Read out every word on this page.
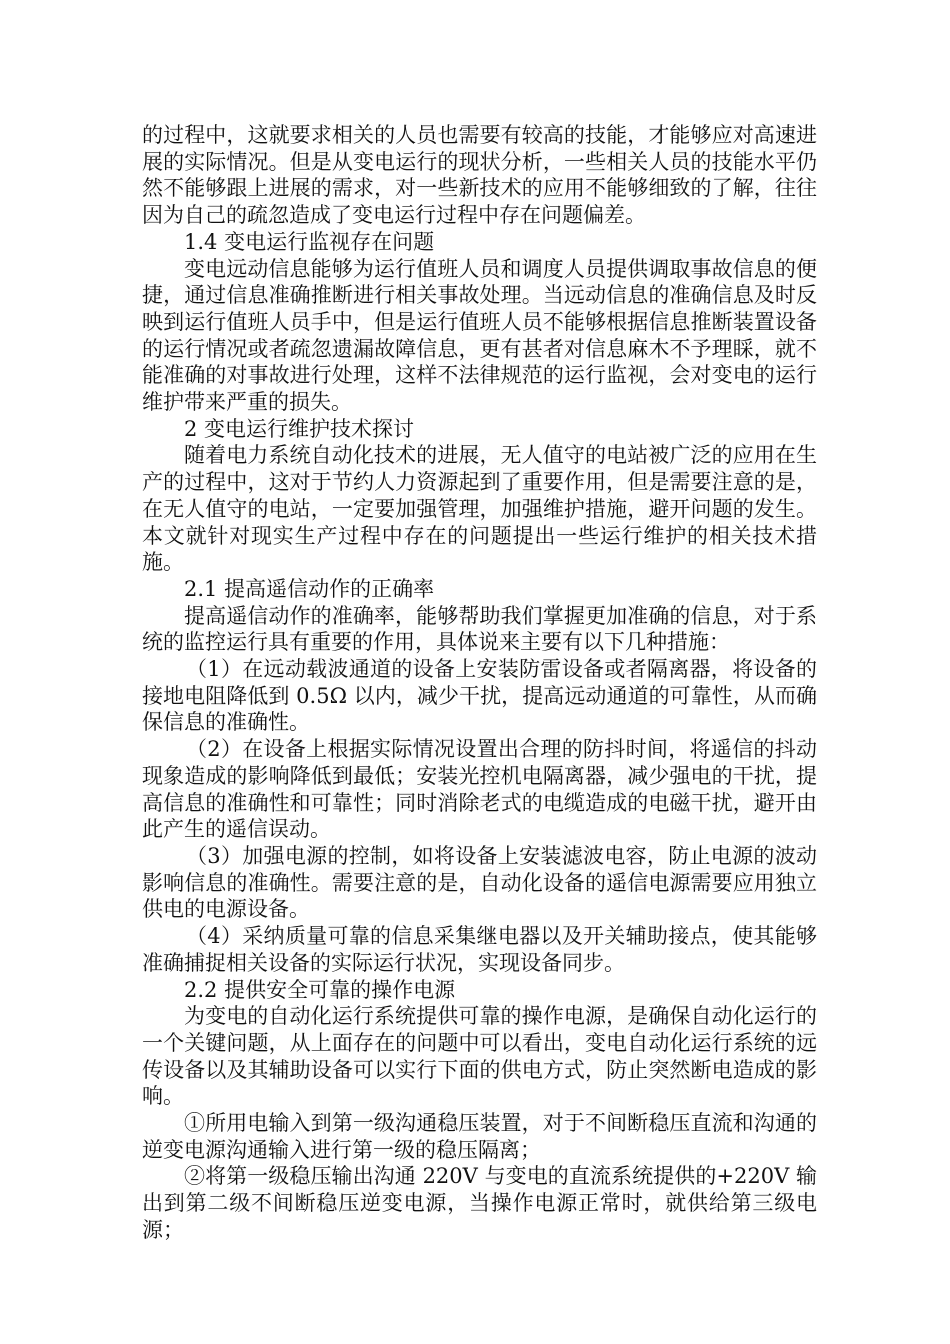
的过程中，这就要求相关的人员也需要有较高的技能，才能够应对高速进展的实际情况。但是从变电运行的现状分析，一些相关人员的技能水平仍然不能够跟上进展的需求，对一些新技术的应用不能够细致的了解，往往因为自己的疏忽造成了变电运行过程中存在问题偏差。

1.4 变电运行监视存在问题

变电远动信息能够为运行值班人员和调度人员提供调取事故信息的便捷，通过信息准确推断进行相关事故处理。当远动信息的准确信息及时反映到运行值班人员手中，但是运行值班人员不能够根据信息推断装置设备的运行情况或者疏忽遗漏故障信息，更有甚者对信息麻木不予理睬，就不能准确的对事故进行处理，这样不法律规范的运行监视，会对变电的运行维护带来严重的损失。

2 变电运行维护技术探讨

随着电力系统自动化技术的进展，无人值守的电站被广泛的应用在生产的过程中，这对于节约人力资源起到了重要作用，但是需要注意的是，在无人值守的电站，一定要加强管理，加强维护措施，避开问题的发生。本文就针对现实生产过程中存在的问题提出一些运行维护的相关技术措施。

2.1 提高遥信动作的正确率

提高遥信动作的准确率，能够帮助我们掌握更加准确的信息，对于系统的监控运行具有重要的作用，具体说来主要有以下几种措施：

（1）在远动载波通道的设备上安装防雷设备或者隔离器，将设备的接地电阻降低到 0.5Ω 以内，减少干扰，提高远动通道的可靠性，从而确保信息的准确性。

（2）在设备上根据实际情况设置出合理的防抖时间，将遥信的抖动现象造成的影响降低到最低；安装光控机电隔离器，减少强电的干扰，提高信息的准确性和可靠性；同时消除老式的电缆造成的电磁干扰，避开由此产生的遥信误动。

（3）加强电源的控制，如将设备上安装滤波电容，防止电源的波动影响信息的准确性。需要注意的是，自动化设备的遥信电源需要应用独立供电的电源设备。

（4）采纳质量可靠的信息采集继电器以及开关辅助接点，使其能够准确捕捉相关设备的实际运行状况，实现设备同步。

2.2 提供安全可靠的操作电源

为变电的自动化运行系统提供可靠的操作电源，是确保自动化运行的一个关键问题，从上面存在的问题中可以看出，变电自动化运行系统的远传设备以及其辅助设备可以实行下面的供电方式，防止突然断电造成的影响。

①所用电输入到第一级沟通稳压装置，对于不间断稳压直流和沟通的逆变电源沟通输入进行第一级的稳压隔离；

②将第一级稳压输出沟通 220V 与变电的直流系统提供的+220V 输出到第二级不间断稳压逆变电源，当操作电源正常时，就供给第三级电源；
